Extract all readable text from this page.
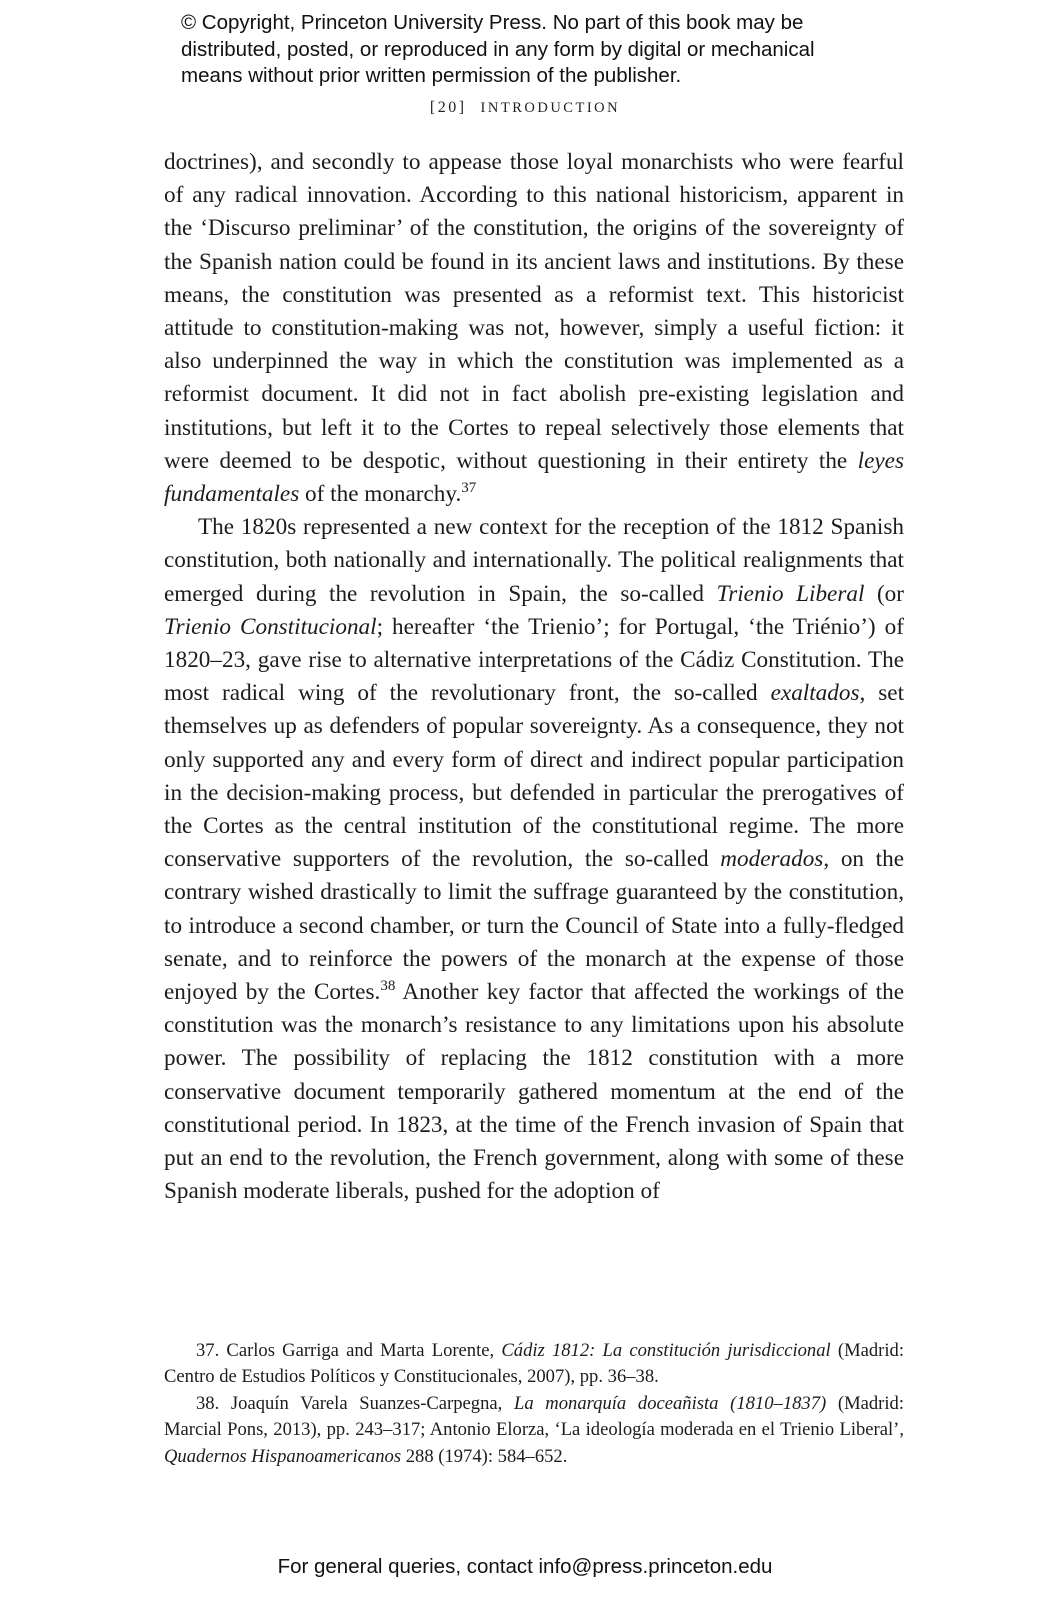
© Copyright, Princeton University Press. No part of this book may be

distributed, posted, or reproduced in any form by digital or mechanical

means without prior written permission of the publisher.

[20] INTRODUCTION

doctrines), and secondly to appease those loyal monarchists who were fearful of any radical innovation. According to this national historicism, apparent in the ‘Discurso preliminar’ of the constitution, the origins of the sovereignty of the Spanish nation could be found in its ancient laws and institutions. By these means, the constitution was presented as a reformist text. This historicist attitude to constitution-making was not, however, simply a useful fiction: it also underpinned the way in which the constitution was implemented as a reformist document. It did not in fact abolish pre-existing legislation and institutions, but left it to the Cortes to repeal selectively those elements that were deemed to be despotic, without questioning in their entirety the leyes fundamentales of the monarchy.$^{37}$

The 1820s represented a new context for the reception of the 1812 Spanish constitution, both nationally and internationally. The political realignments that emerged during the revolution in Spain, the so-called Trienio Liberal (or Trienio Constitucional; hereafter ‘the Trienio’; for Portugal, ‘the Triénio’) of 1820–23, gave rise to alternative interpretations of the Cádiz Constitution. The most radical wing of the revolutionary front, the so-called exaltados, set themselves up as defenders of popular sovereignty. As a consequence, they not only supported any and every form of direct and indirect popular participation in the decision-making process, but defended in particular the prerogatives of the Cortes as the central institution of the constitutional regime. The more conservative supporters of the revolution, the so-called moderados, on the contrary wished drastically to limit the suffrage guaranteed by the constitution, to introduce a second chamber, or turn the Council of State into a fully-fledged senate, and to reinforce the powers of the monarch at the expense of those enjoyed by the Cortes.$^{38}$ Another key factor that affected the workings of the constitution was the monarch’s resistance to any limitations upon his absolute power. The possibility of replacing the 1812 constitution with a more conservative document temporarily gathered momentum at the end of the constitutional period. In 1823, at the time of the French invasion of Spain that put an end to the revolution, the French government, along with some of these Spanish moderate liberals, pushed for the adoption of

37. Carlos Garriga and Marta Lorente, Cádiz 1812: La constitución jurisdiccional (Madrid: Centro de Estudios Políticos y Constitucionales, 2007), pp. 36–38.

38. Joaquín Varela Suanzes-Carpegna, La monarquía doceañista (1810–1837) (Madrid: Marcial Pons, 2013), pp. 243–317; Antonio Elorza, ‘La ideología moderada en el Trienio Liberal’, Quadernos Hispanoamericanos 288 (1974): 584–652.

For general queries, contact info@press.princeton.edu
